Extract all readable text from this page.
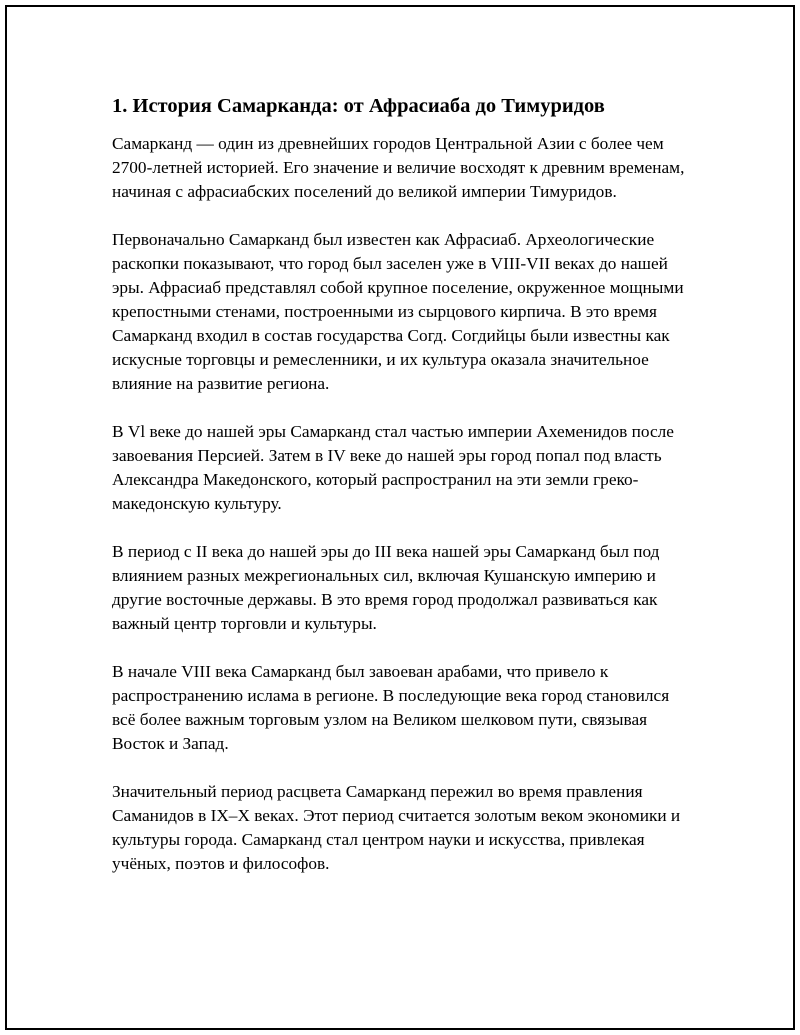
1. История Самарканда: от Афрасиаба до Тимуридов

Самарканд — один из древнейших городов Центральной Азии с более чем 2700-летней историей. Его значение и величие восходят к древним временам, начиная с афрасиабских поселений до великой империи Тимуридов.

Первоначально Самарканд был известен как Афрасиаб. Археологические раскопки показывают, что город был заселен уже в VIII-VII веках до нашей эры. Афрасиаб представлял собой крупное поселение, окруженное мощными крепостными стенами, построенными из сырцового кирпича. В это время Самарканд входил в состав государства Согд. Согдийцы были известны как искусные торговцы и ремесленники, и их культура оказала значительное влияние на развитие региона.

В Vl веке до нашей эры Самарканд стал частью империи Ахеменидов после завоевания Персией. Затем в IV веке до нашей эры город попал под власть Александра Македонского, который распространил на эти земли греко-македонскую культуру.

В период с II века до нашей эры до III века нашей эры Самарканд был под влиянием разных межрегиональных сил, включая Кушанскую империю и другие восточные державы. В это время город продолжал развиваться как важный центр торговли и культуры.

В начале VIII века Самарканд был завоеван арабами, что привело к распространению ислама в регионе. В последующие века город становился всё более важным торговым узлом на Великом шелковом пути, связывая Восток и Запад.

Значительный период расцвета Самарканд пережил во время правления Саманидов в IX–X веках. Этот период считается золотым веком экономики и культуры города. Самарканд стал центром науки и искусства, привлекая учёных, поэтов и философов.
